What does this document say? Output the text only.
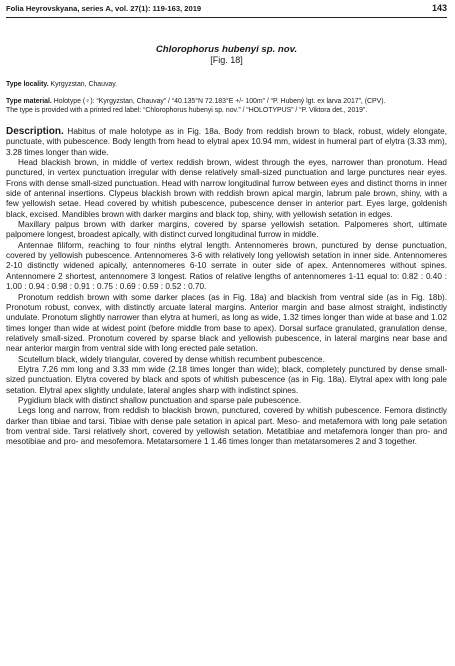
Folia Heyrovskyana, series A, vol. 27(1): 119-163, 2019	143
Chlorophorus hubenyi sp. nov.
[Fig. 18]
Type locality. Kyrgyzstan, Chauvay.
Type material. Holotype (♀): “Kyrgyzstan, Chauvay” / “40.135°N 72.183°E +/- 100m” / “P. Hubený lgt. ex larva 2017”, (CPV).
The type is provided with a printed red label: “Chlorophorus hubenyi sp. nov.” / “HOLOTYPUS” / “P. Viktora det., 2019”.

Description. Habitus of male holotype as in Fig. 18a. Body from reddish brown to black, robust, widely elongate, punctuate, with pubescence. Body length from head to elytral apex 10.94 mm, widest in humeral part of elytra (3.33 mm), 3.28 times longer than wide.

Head blackish brown, in middle of vertex reddish brown, widest through the eyes, narrower than pronotum. Head punctured, in vertex punctuation irregular with dense relatively small-sized punctuation and large punctures near eyes. Frons with dense small-sized punctuation. Head with narrow longitudinal furrow between eyes and distinct thorns in inner side of antennal insertions. Clypeus blackish brown with reddish brown apical margin, labrum pale brown, shiny, with a few yellowish setae. Head covered by whitish pubescence, pubescence denser in anterior part. Eyes large, goldenish black, excised. Mandibles brown with darker margins and black top, shiny, with yellowish setation in edges.

Maxillary palpus brown with darker margins, covered by sparse yellowish setation. Palpomeres short, ultimate palpomere longest, broadest apically, with distinct curved longitudinal furrow in middle.

Antennae filiform, reaching to four ninths elytral length. Antennomeres brown, punctured by dense punctuation, covered by yellowish pubescence. Antennomeres 3-6 with relatively long yellowish setation in inner side. Antennomeres 2-10 distinctly widened apically, antennomeres 6-10 serrate in outer side of apex. Antennomeres without spines. Antennomere 2 shortest, antennomere 3 longest. Ratios of relative lengths of antennomeres 1-11 equal to: 0.82 : 0.40 : 1.00 : 0.94 : 0.98 : 0.91 : 0.75 : 0.69 : 0.59 : 0.52 : 0.70.

Pronotum reddish brown with some darker places (as in Fig. 18a) and blackish from ventral side (as in Fig. 18b). Pronotum robust, convex, with distinctly arcuate lateral margins. Anterior margin and base almost straight, indistinctly undulate. Pronotum slightly narrower than elytra at humeri, as long as wide, 1.32 times longer than wide at base and 1.02 times longer than wide at widest point (before middle from base to apex). Dorsal surface granulated, granulation dense, relatively small-sized. Pronotum covered by sparse black and yellowish pubescence, in lateral margins near base and near anterior margin from ventral side with long erected pale setation.

Scutellum black, widely triangular, covered by dense whitish recumbent pubescence.

Elytra 7.26 mm long and 3.33 mm wide (2.18 times longer than wide); black, completely punctured by dense small-sized punctuation. Elytra covered by black and spots of whitish pubescence (as in Fig. 18a). Elytral apex with long pale setation. Elytral apex slightly undulate, lateral angles sharp with indistinct spines.

Pygidium black with distinct shallow punctuation and sparse pale pubescence.

Legs long and narrow, from reddish to blackish brown, punctured, covered by whitish pubescence. Femora distinctly darker than tibiae and tarsi. Tibiae with dense pale setation in apical part. Meso- and metafemora with long pale setation from ventral side. Tarsi relatively short, covered by yellowish setation. Metatibiae and metafemora longer than pro- and mesotibiae and pro- and mesofemora. Metatarsomere 1 1.46 times longer than metatarsomeres 2 and 3 together.
